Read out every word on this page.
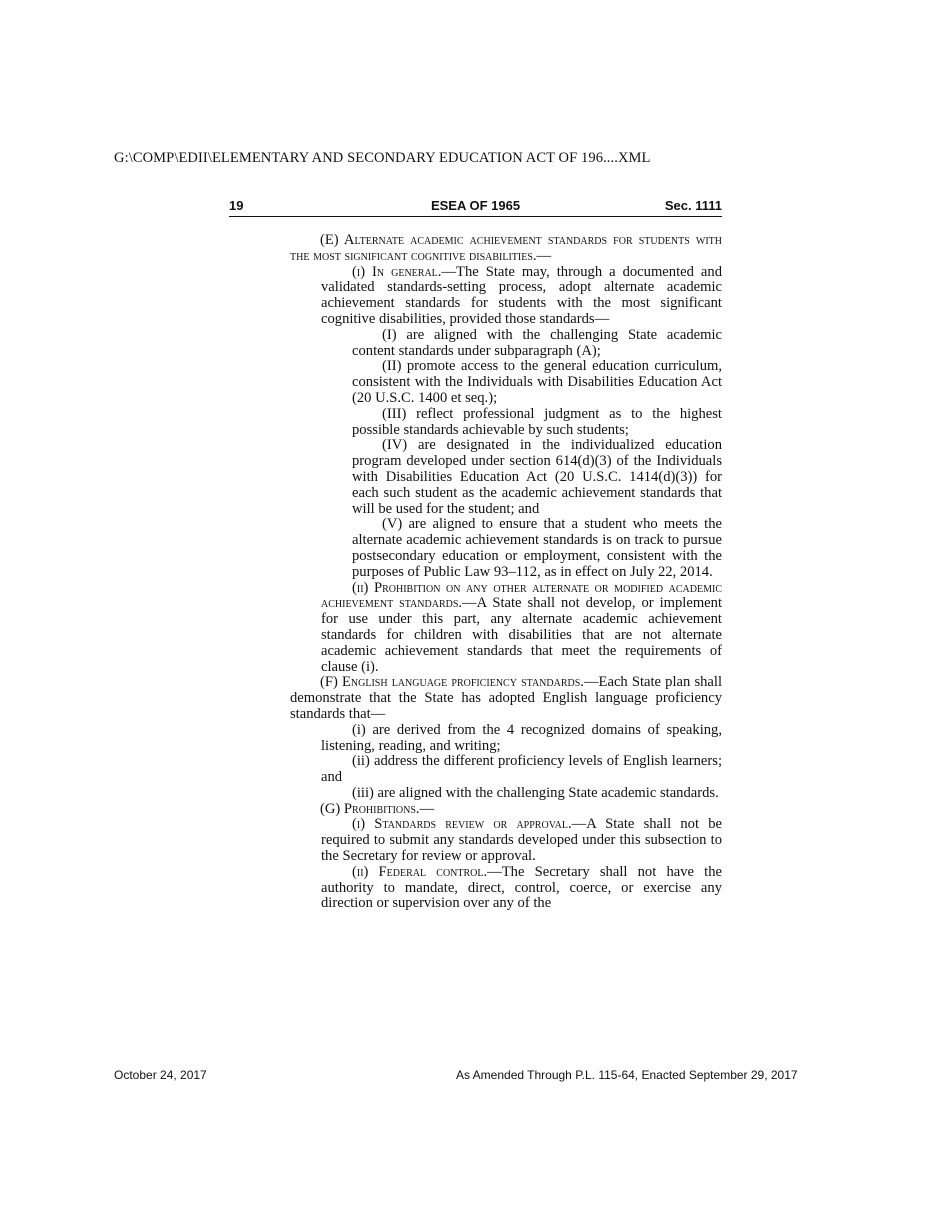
G:\COMP\EDII\ELEMENTARY AND SECONDARY EDUCATION ACT OF 196....XML
19	ESEA OF 1965	Sec. 1111
(E) Alternate academic achievement standards for students with the most significant cognitive disabilities.—
(i) In general.—The State may, through a documented and validated standards-setting process, adopt alternate academic achievement standards for students with the most significant cognitive disabilities, provided those standards—
(I) are aligned with the challenging State academic content standards under subparagraph (A);
(II) promote access to the general education curriculum, consistent with the Individuals with Disabilities Education Act (20 U.S.C. 1400 et seq.);
(III) reflect professional judgment as to the highest possible standards achievable by such students;
(IV) are designated in the individualized education program developed under section 614(d)(3) of the Individuals with Disabilities Education Act (20 U.S.C. 1414(d)(3)) for each such student as the academic achievement standards that will be used for the student; and
(V) are aligned to ensure that a student who meets the alternate academic achievement standards is on track to pursue postsecondary education or employment, consistent with the purposes of Public Law 93–112, as in effect on July 22, 2014.
(ii) Prohibition on any other alternate or modified academic achievement standards.—A State shall not develop, or implement for use under this part, any alternate academic achievement standards for children with disabilities that are not alternate academic achievement standards that meet the requirements of clause (i).
(F) English language proficiency standards.—Each State plan shall demonstrate that the State has adopted English language proficiency standards that—
(i) are derived from the 4 recognized domains of speaking, listening, reading, and writing;
(ii) address the different proficiency levels of English learners; and
(iii) are aligned with the challenging State academic standards.
(G) Prohibitions.—
(i) Standards review or approval.—A State shall not be required to submit any standards developed under this subsection to the Secretary for review or approval.
(ii) Federal control.—The Secretary shall not have the authority to mandate, direct, control, coerce, or exercise any direction or supervision over any of the
October 24, 2017	As Amended Through P.L. 115-64, Enacted September 29, 2017
